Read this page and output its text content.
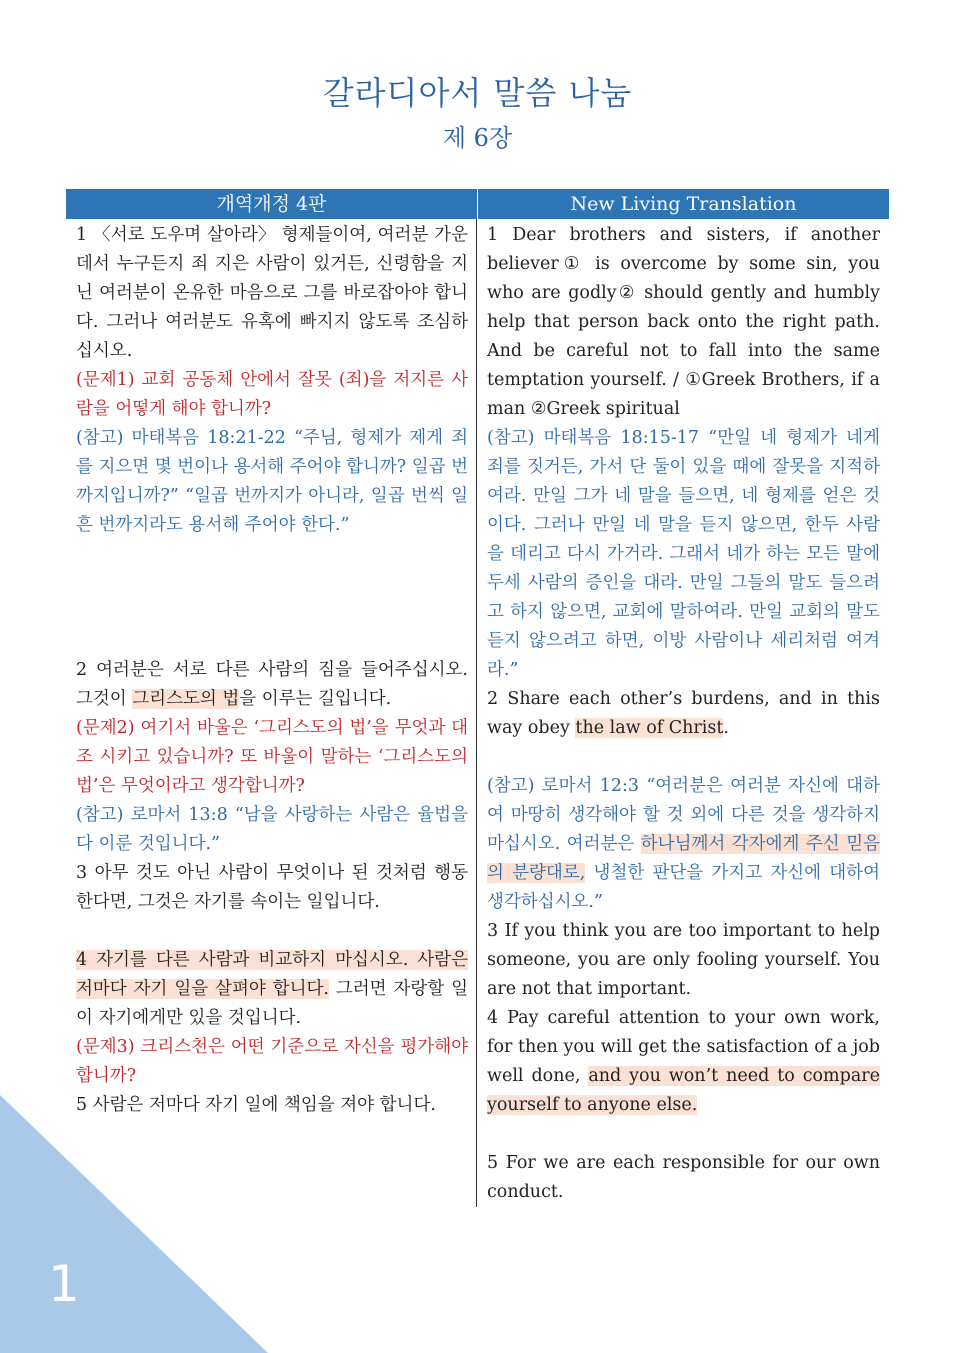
갈라디아서 말씀 나눔
제 6장
개역개정 4판	New Living Translation

1 〈서로 도우며 살아라〉 형제들이여, 여러분 가운데서 누구든지 죄 지은 사람이 있거든, 신령함을 지닌 여러분이 온유한 마음으로 그를 바로잡아야 합니다. 그러나 여러분도 유혹에 빠지지 않도록 조심하십시오.

(문제1) 교회 공동체 안에서 잘못 (죄)을 저지른 사람을 어떻게 해야 합니까?

(참고) 마태복음 18:21-22 “주님, 형제가 제게 죄를 지으면 몇 번이나 용서해 주어야 합니까? 일곱 번까지입니까?” “일곱 번까지가 아니라, 일곱 번씩 일흔 번까지라도 용서해 주어야 한다.”

2 여러분은 서로 다른 사람의 짐을 들어주십시오. 그것이 그리스도의 법을 이루는 길입니다.

(문제2) 여기서 바울은 ‘그리스도의 법’을 무엇과 대조 시키고 있습니까? 또 바울이 말하는 ‘그리스도의 법’은 무엇이라고 생각합니까?

(참고) 로마서 13:8 “남을 사랑하는 사람은 율법을 다 이룬 것입니다.”

3 아무 것도 아닌 사람이 무엇이나 된 것처럼 행동한다면, 그것은 자기를 속이는 일입니다.

4 자기를 다른 사람과 비교하지 마십시오. 사람은 저마다 자기 일을 살펴야 합니다. 그러면 자랑할 일이 자기에게만 있을 것입니다.

(문제3) 크리스천은 어떤 기준으로 자신을 평가해야 합니까?

5 사람은 저마다 자기 일에 책임을 져야 합니다.

1 Dear brothers and sisters, if another believer① is overcome by some sin, you who are godly② should gently and humbly help that person back onto the right path. And be careful not to fall into the same temptation yourself. / ①Greek Brothers, if a man ②Greek spiritual

(참고) 마태복음 18:15-17 “만일 네 형제가 네게 죄를 짓거든, 가서 단 둘이 있을 때에 잘못을 지적하여라. 만일 그가 네 말을 들으면, 네 형제를 얻은 것이다. 그러나 만일 네 말을 듣지 않으면, 한두 사람을 데리고 다시 가거라. 그래서 네가 하는 모든 말에 두세 사람의 증인을 대라. 만일 그들의 말도 들으려고 하지 않으면, 교회에 말하여라. 만일 교회의 말도 듣지 않으려고 하면, 이방 사람이나 세리처럼 여겨라.”

2 Share each other’s burdens, and in this way obey the law of Christ.

(참고) 로마서 12:3 “여러분은 여러분 자신에 대하여 마땅히 생각해야 할 것 외에 다른 것을 생각하지 마십시오. 여러분은 하나님께서 각자에게 주신 믿음의 분량대로, 냉철한 판단을 가지고 자신에 대하여 생각하십시오.”

3 If you think you are too important to help someone, you are only fooling yourself. You are not that important.

4 Pay careful attention to your own work, for then you will get the satisfaction of a job well done, and you won’t need to compare yourself to anyone else.

5 For we are each responsible for our own conduct.

1
